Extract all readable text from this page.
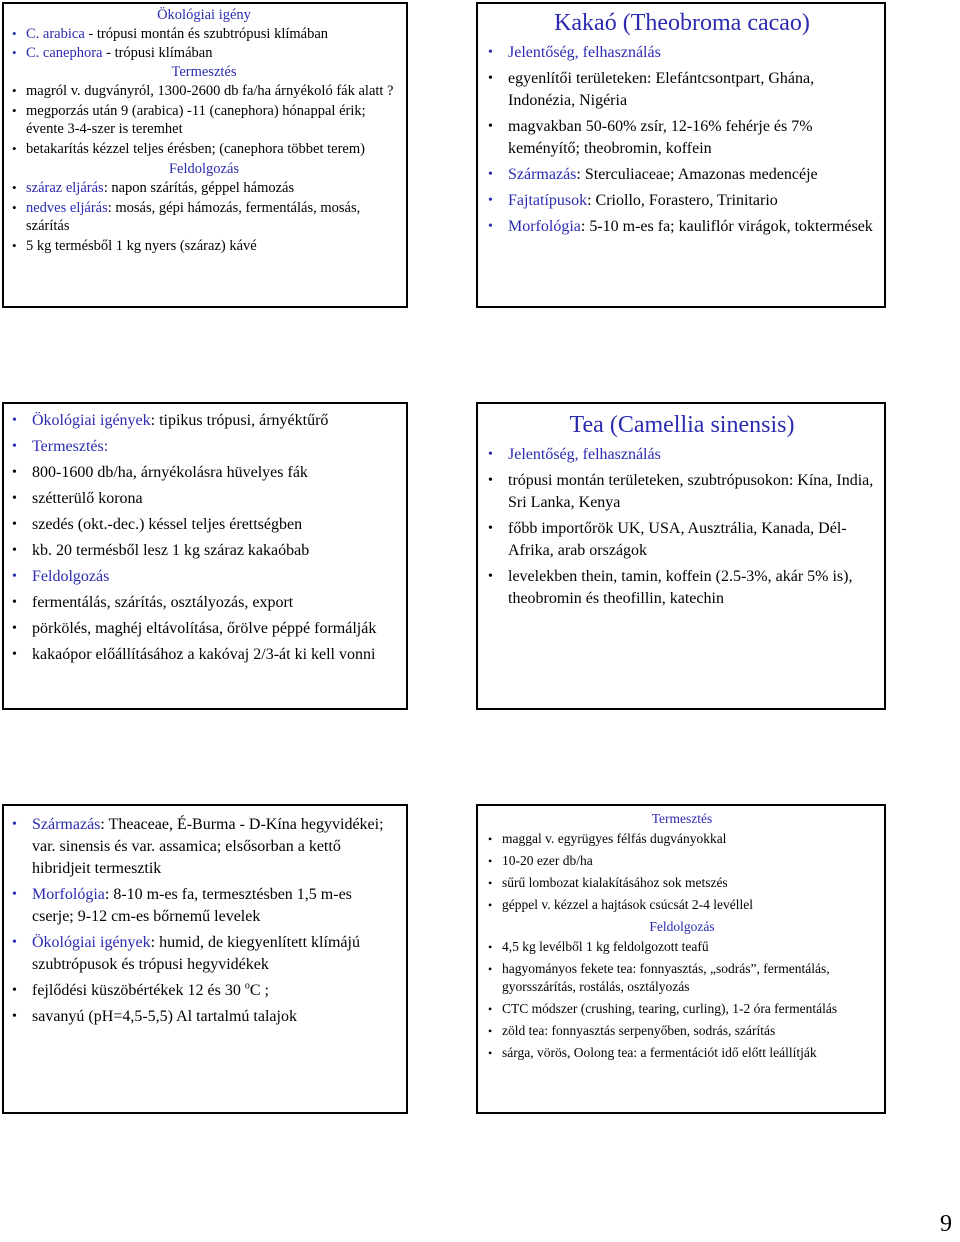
Ökológiai igény
• C. arabica - trópusi montán és szubtrópusi klímában
• C. canephora - trópusi klímában
Termesztés
• magról v. dugványról, 1300-2600 db fa/ha árnyékoló fák alatt ?
• megporzás után 9 (arabica) -11 (canephora) hónappal érik; évente 3-4-szer is teremhet
• betakarítás kézzel teljes érésben; (canephora többet terem)
Feldolgozás
• száraz eljárás: napon szárítás, géppel hámozás
• nedves eljárás: mosás, gépi hámozás, fermentálás, mosás, szárítás
• 5 kg termésből 1 kg nyers (száraz) kávé
Kakaó (Theobroma cacao)
• Jelentőség, felhasználás
• egyenlítői területeken: Elefántcsontpart, Ghána, Indonézia, Nigéria
• magvakban 50-60% zsír, 12-16% fehérje és 7% keményítő; theobromin, koffein
• Származás: Sterculiaceae; Amazonas medencéje
• Fajtatípusok: Criollo, Forastero, Trinitario
• Morfológia: 5-10 m-es fa; kauliflór virágok, toktermések
• Ökológiai igények: tipikus trópusi, árnyéktűrő
• Termesztés:
• 800-1600 db/ha, árnyékolásra hüvelyes fák
• szétterülő korona
• szedés (okt.-dec.) késsel teljes érettségben
• kb. 20 termésből lesz 1 kg száraz kakaóbab
• Feldolgozás
• fermentálás, szárítás, osztályozás, export
• pörkölés, maghéj eltávolítása, őrölve péppé formálják
• kakaópor előállításához a kakóvaj 2/3-át ki kell vonni
Tea (Camellia sinensis)
• Jelentőség, felhasználás
• trópusi montán területeken, szubtrópusokon: Kína, India, Sri Lanka, Kenya
• főbb importőrök UK, USA, Ausztrália, Kanada, Dél-Afrika, arab országok
• levelekben thein, tamin, koffein (2.5-3%, akár 5% is), theobromin és theofillin, katechin
• Származás: Theaceae, É-Burma - D-Kína hegyvidékei; var. sinensis és var. assamica; elsősorban a kettő hibridjeit termesztik
• Morfológia: 8-10 m-es fa, termesztésben 1,5 m-es cserje; 9-12 cm-es bőrnemű levelek
• Ökológiai igények: humid, de kiegyenlített klímájú szubtrópusok és trópusi hegyvidékek
• fejlődési küszöbértékek 12 és 30 $^o$C ;
• savanyú (pH=4,5-5,5) Al tartalmú talajok
Termesztés
• maggal v. egyrügyes félfás dugványokkal
• 10-20 ezer db/ha
• sűrű lombozat kialakításához sok metszés
• géppel v. kézzel a hajtások csúcsát 2-4 levéllel
Feldolgozás
• 4,5 kg levélből 1 kg feldolgozott teafű
• hagyományos fekete tea: fonnyasztás, „sodrás”, fermentálás, gyorsszárítás, rostálás, osztályozás
• CTC módszer (crushing, tearing, curling), 1-2 óra fermentálás
• zöld tea: fonnyasztás serpenyőben, sodrás, szárítás
• sárga, vörös, Oolong tea: a fermentációt idő előtt leállítják
9
